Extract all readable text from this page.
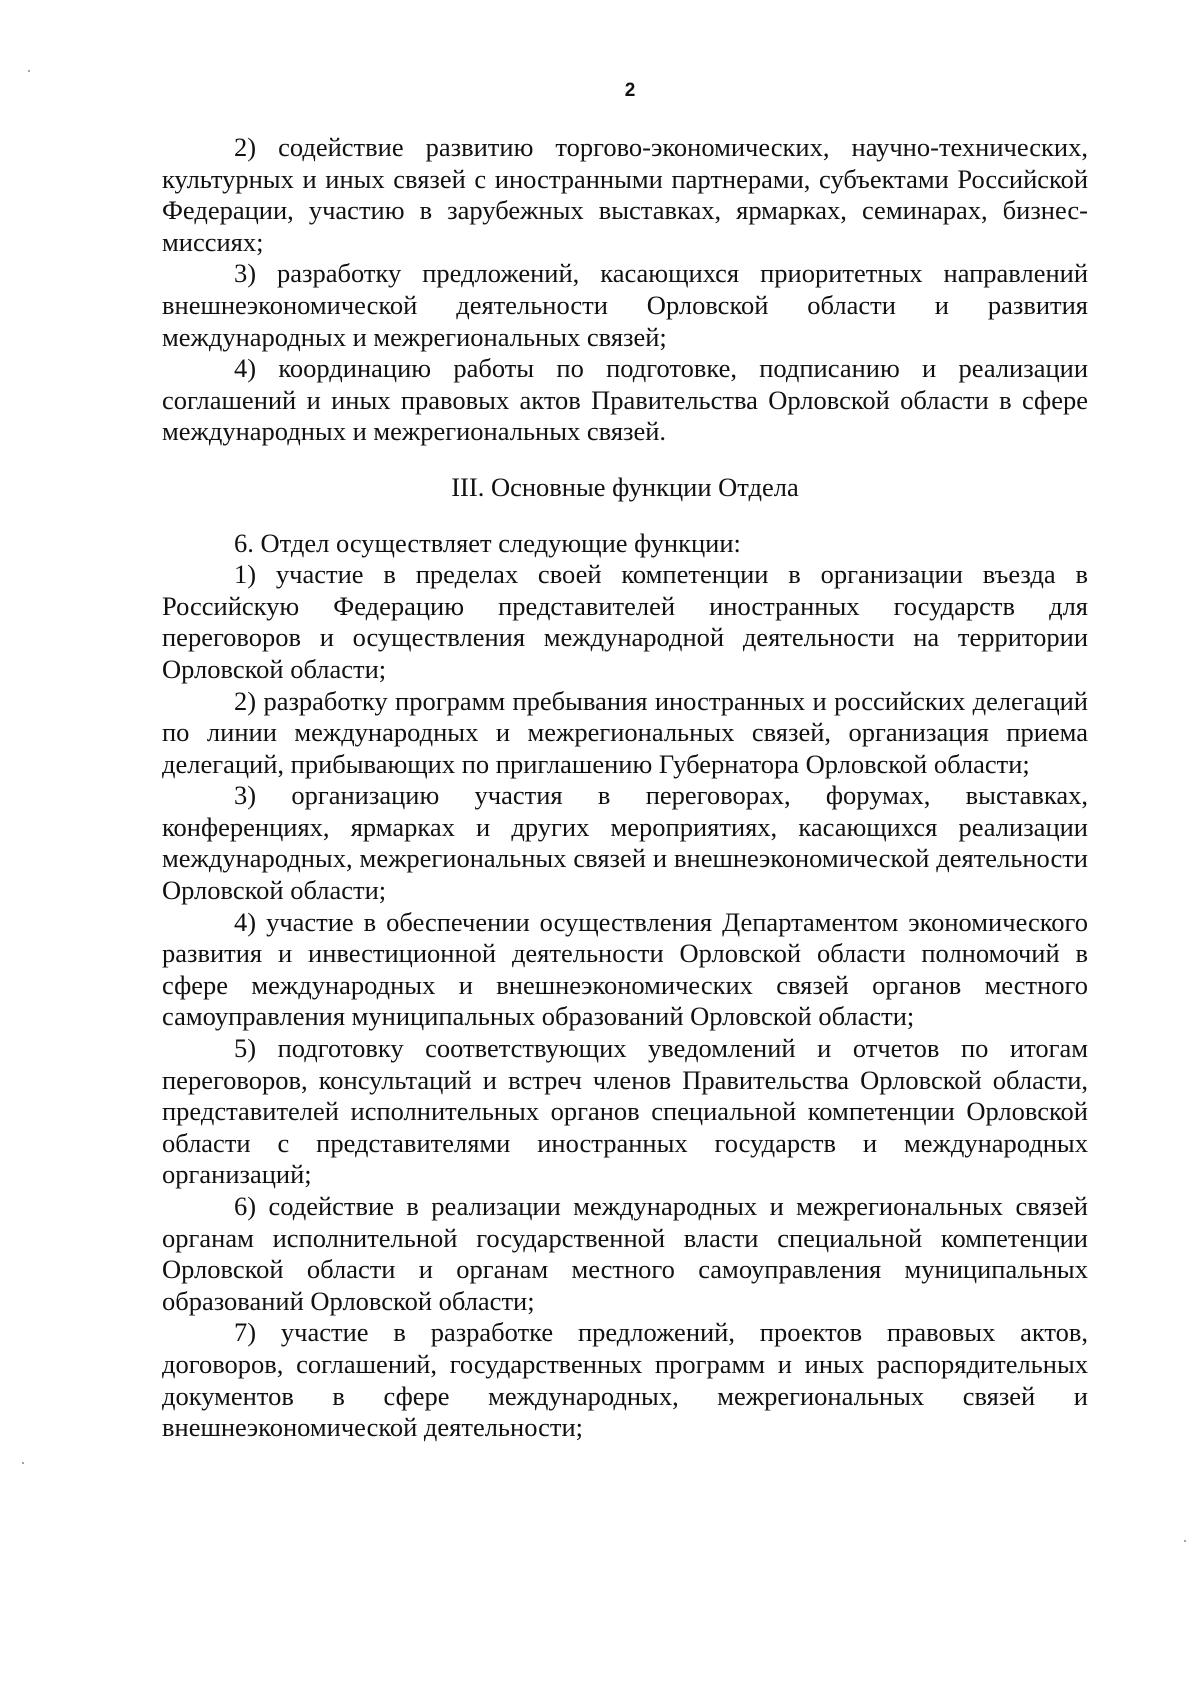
2

2) содействие развитию торгово-экономических, научно-технических, культурных и иных связей с иностранными партнерами, субъектами Российской Федерации, участию в зарубежных выставках, ярмарках, семинарах, бизнес-миссиях;

3) разработку предложений, касающихся приоритетных направлений внешнеэкономической деятельности Орловской области и развития международных и межрегиональных связей;

4) координацию работы по подготовке, подписанию и реализации соглашений и иных правовых актов Правительства Орловской области в сфере международных и межрегиональных связей.

III. Основные функции Отдела

6. Отдел осуществляет следующие функции:

1) участие в пределах своей компетенции в организации въезда в Российскую Федерацию представителей иностранных государств для переговоров и осуществления международной деятельности на территории Орловской области;

2) разработку программ пребывания иностранных и российских делегаций по линии международных и межрегиональных связей, организация приема делегаций, прибывающих по приглашению Губернатора Орловской области;

3) организацию участия в переговорах, форумах, выставках, конференциях, ярмарках и других мероприятиях, касающихся реализации международных, межрегиональных связей и внешнеэкономической деятельности Орловской области;

4) участие в обеспечении осуществления Департаментом экономического развития и инвестиционной деятельности Орловской области полномочий в сфере международных и внешнеэкономических связей органов местного самоуправления муниципальных образований Орловской области;

5) подготовку соответствующих уведомлений и отчетов по итогам переговоров, консультаций и встреч членов Правительства Орловской области, представителей исполнительных органов специальной компетенции Орловской области с представителями иностранных государств и международных организаций;

6) содействие в реализации международных и межрегиональных связей органам исполнительной государственной власти специальной компетенции Орловской области и органам местного самоуправления муниципальных образований Орловской области;

7) участие в разработке предложений, проектов правовых актов, договоров, соглашений, государственных программ и иных распорядительных документов в сфере международных, межрегиональных связей и внешнеэкономической деятельности;
